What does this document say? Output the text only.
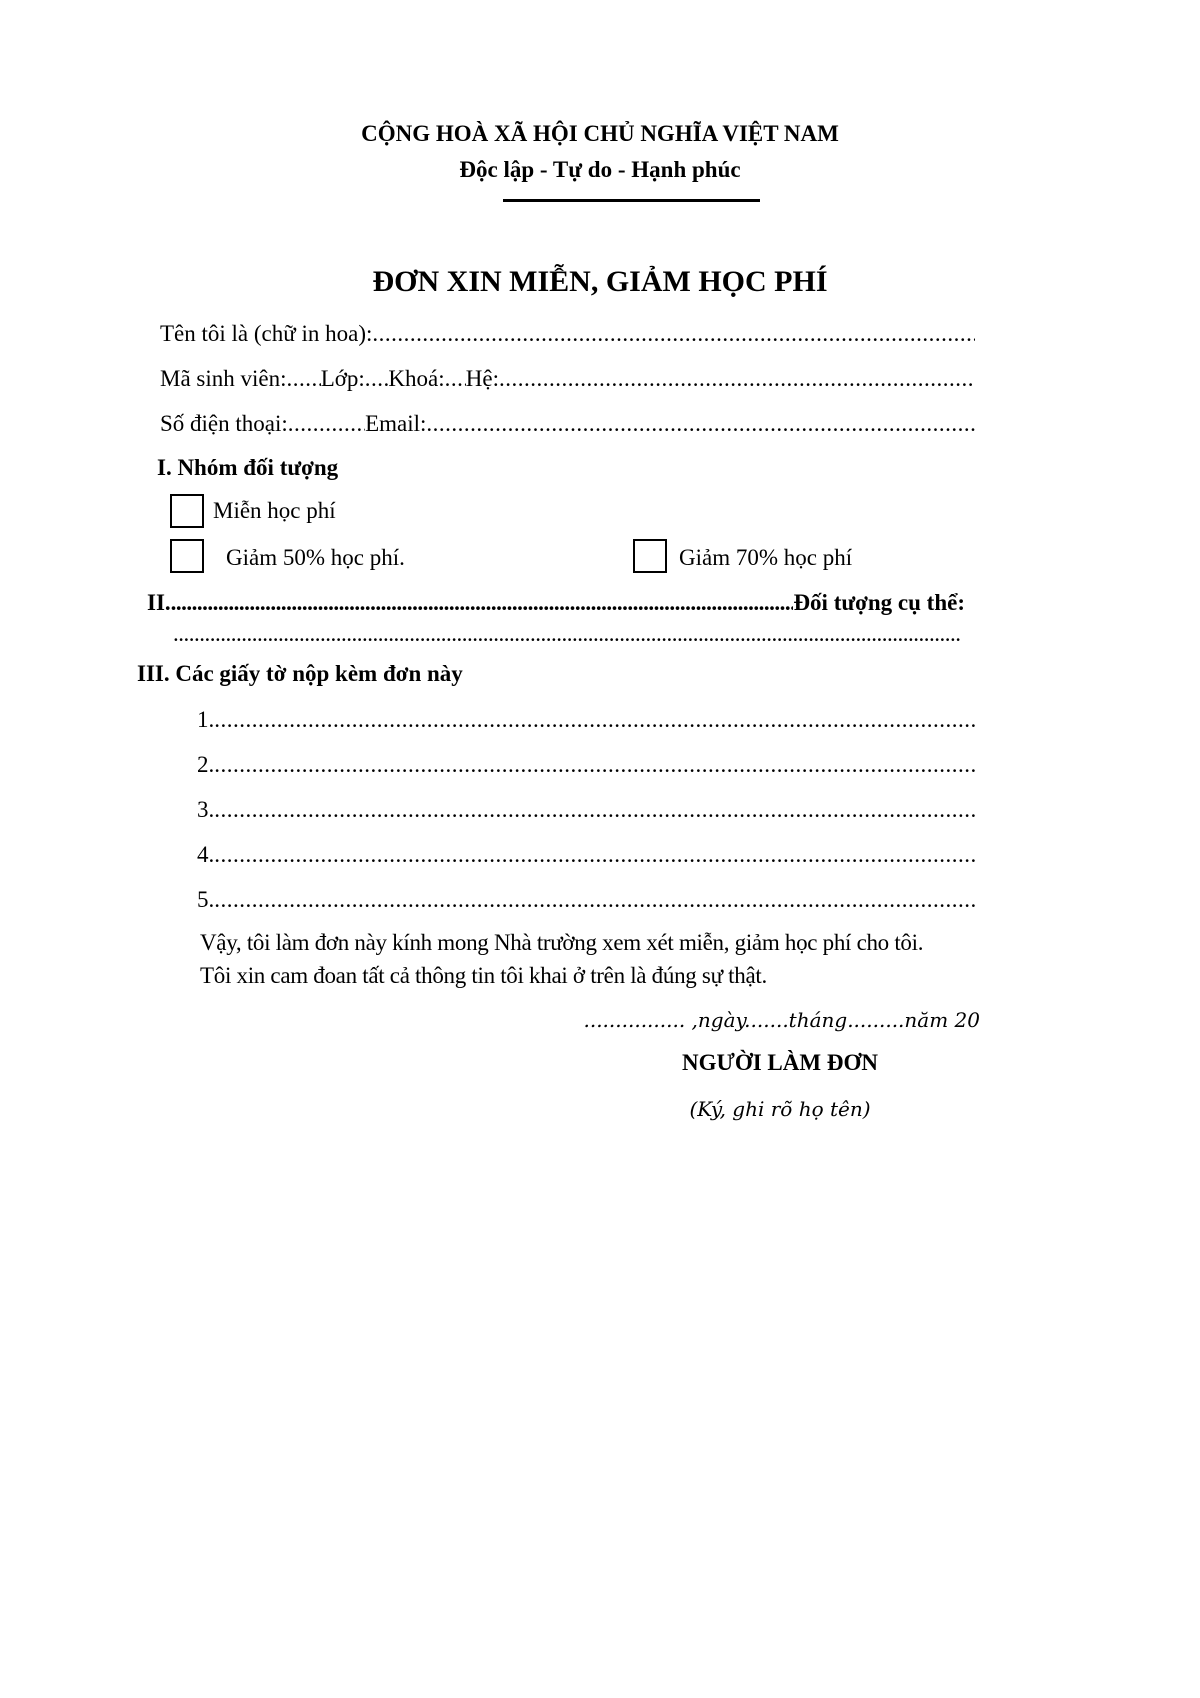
CỘNG HOÀ XÃ HỘI CHỦ NGHĨA VIỆT NAM
Độc lập - Tự do - Hạnh phúc
ĐƠN XIN MIỄN, GIẢM HỌC PHÍ
Tên tôi là (chữ in hoa):
.....
Mã sinh viên: ..... Lớp: ..... Khoá: ..... Hệ:
.....
Số điện thoại: .....	Email:
.....
I. Nhóm đối tượng
Miễn học phí
Giảm 50% học phí.	Giảm 70% học phí
II. .....	Đối tượng cụ thể:
.....
III. Các giấy tờ nộp kèm đơn này
1.
.....
2.
.....
3.
.....
4.
.....
5.
.....
Vậy, tôi làm đơn này kính mong Nhà trường xem xét miễn, giảm học phí cho tôi.
Tôi xin cam đoan tất cả thông tin tôi khai ở trên là đúng sự thật.
................ ,ngày.......tháng.........năm 20
NGƯỜI LÀM ĐƠN
(Ký, ghi rõ họ tên)
